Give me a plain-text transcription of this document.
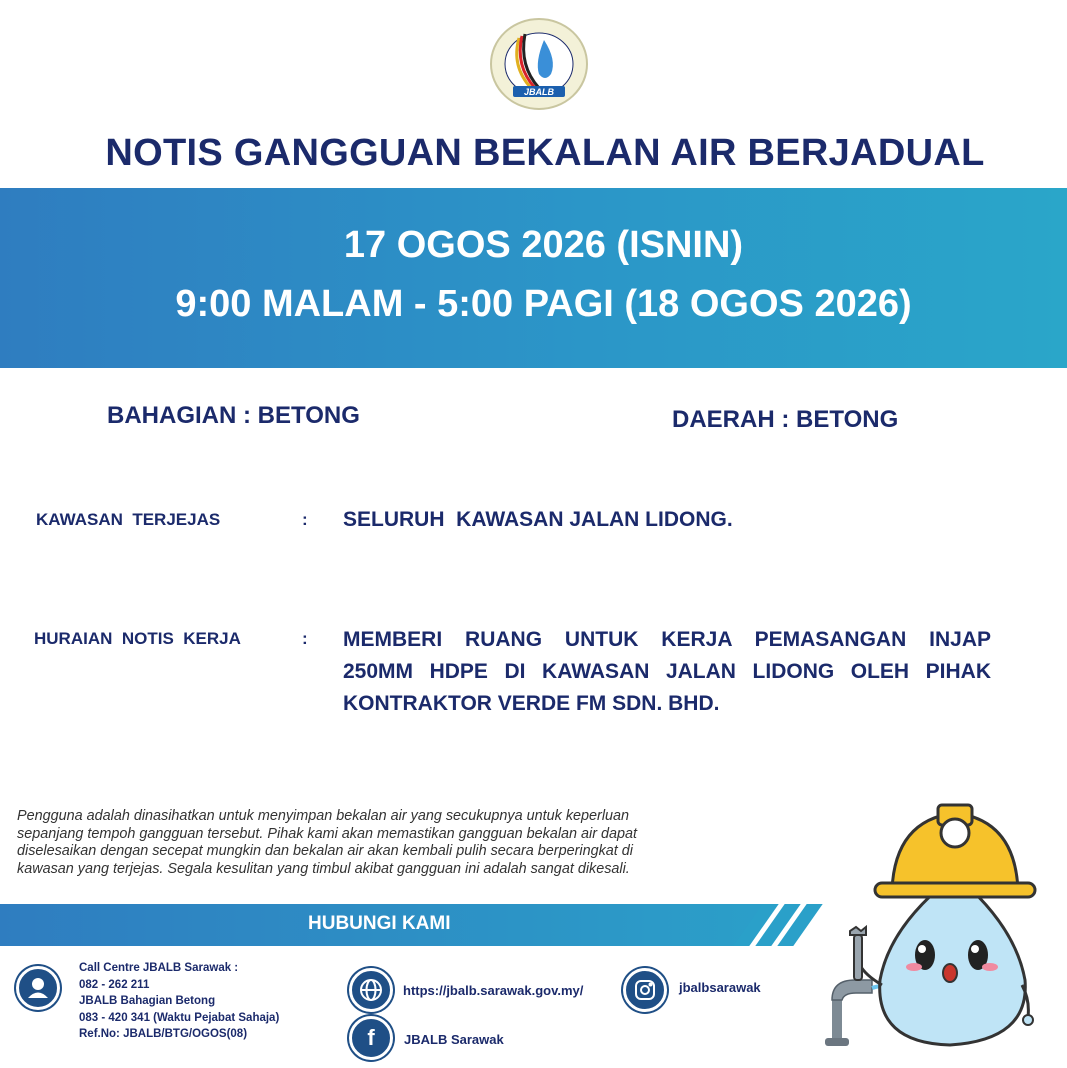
JBALB
NOTIS GANGGUAN BEKALAN AIR BERJADUAL
17 OGOS 2026 (ISNIN)
9:00 MALAM - 5:00 PAGI (18 OGOS 2026)
BAHAGIAN : BETONG	DAERAH : BETONG
KAWASAN  TERJEJAS	: SELURUH  KAWASAN JALAN LIDONG.
HURAIAN  NOTIS  KERJA	: MEMBERI RUANG UNTUK KERJA PEMASANGAN INJAP
250MM HDPE DI KAWASAN JALAN LIDONG OLEH PIHAK
KONTRAKTOR VERDE FM SDN. BHD.
Pengguna adalah dinasihatkan untuk menyimpan bekalan air yang secukupnya untuk keperluan
sepanjang tempoh gangguan tersebut. Pihak kami akan memastikan gangguan bekalan air dapat
diselesaikan dengan secepat mungkin dan bekalan air akan kembali pulih secara berperingkat di
kawasan yang terjejas. Segala kesulitan yang timbul akibat gangguan ini adalah sangat dikesali.
HUBUNGI KAMI
Call Centre JBALB Sarawak :
082 - 262 211
JBALB Bahagian Betong
083 - 420 341 (Waktu Pejabat Sahaja)
Ref.No: JBALB/BTG/OGOS(08)
https://jbalb.sarawak.gov.my/	jbalbsarawak
f	JBALB Sarawak
